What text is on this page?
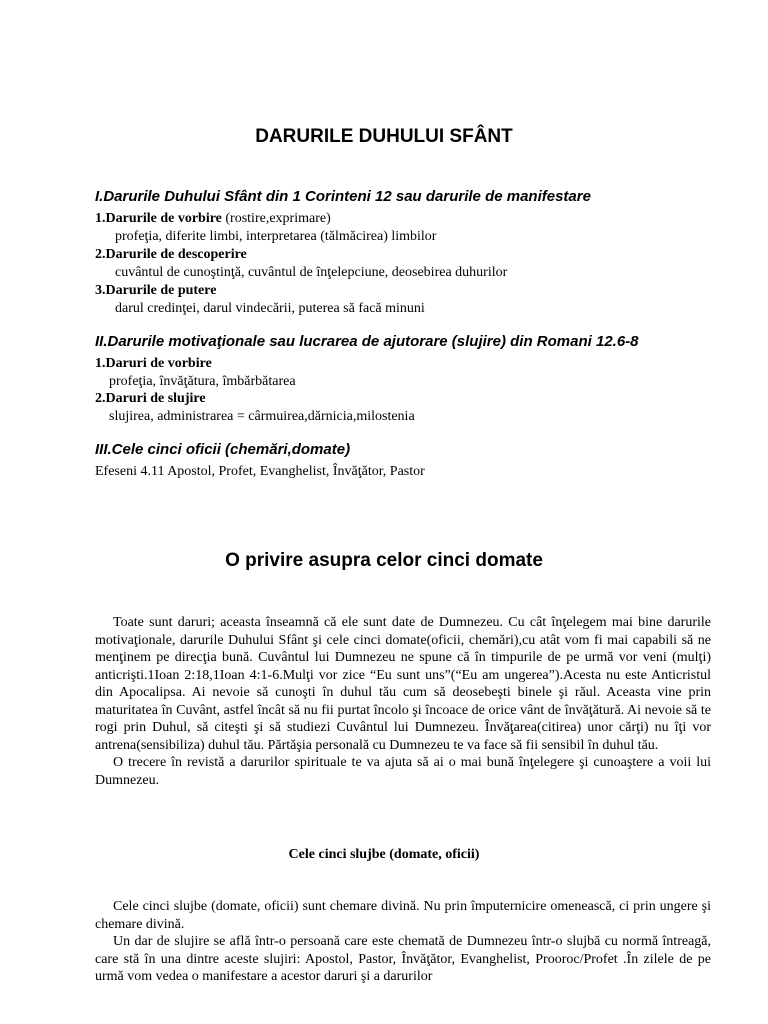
DARURILE DUHULUI SFÂNT
I.Darurile Duhului Sfânt din 1 Corinteni 12 sau darurile de manifestare
1.Darurile de vorbire (rostire,exprimare)
profeţia, diferite limbi, interpretarea (tălmăcirea) limbilor
2.Darurile de descoperire
cuvântul de cunoştinţă, cuvântul de înţelepciune, deosebirea duhurilor
3.Darurile de putere
darul credinţei, darul vindecării, puterea să facă minuni
II.Darurile motivaţionale sau lucrarea de ajutorare (slujire) din Romani 12.6-8
1.Daruri de vorbire
profeţia, învăţătura, îmbărbătarea
2.Daruri de slujire
slujirea, administrarea = cârmuirea,dărnicia,milostenia
III.Cele cinci oficii (chemări,domate)
Efeseni 4.11 Apostol, Profet, Evanghelist, Învăţător, Pastor
O privire asupra celor cinci domate

Toate sunt daruri; aceasta înseamnă că ele sunt date de Dumnezeu. Cu cât înţelegem mai bine darurile motivaţionale, darurile Duhului Sfânt şi cele cinci domate(oficii, chemări),cu atât vom fi mai capabili să ne menţinem pe direcţia bună. Cuvântul lui Dumnezeu ne spune că în timpurile de pe urmă vor veni (mulţi) anticrişti.1Ioan 2:18,1Ioan 4:1-6.Mulţi vor zice “Eu sunt uns”(“Eu am ungerea”).Acesta nu este Anticristul din Apocalipsa. Ai nevoie să cunoşti în duhul tău cum să deosebeşti binele şi răul. Aceasta vine prin maturitatea în Cuvânt, astfel încât să nu fii purtat încolo şi încoace de orice vânt de învăţătură. Ai nevoie să te rogi prin Duhul, să citeşti şi să studiezi Cuvântul lui Dumnezeu. Învăţarea(citirea) unor cărţi) nu îţi vor antrena(sensibiliza) duhul tău. Părtăşia personală cu Dumnezeu te va face să fii sensibil în duhul tău.

O trecere în revistă a darurilor spirituale te va ajuta să ai o mai bună înţelegere şi cunoaştere a voii lui Dumnezeu.

Cele cinci slujbe (domate, oficii)

Cele cinci slujbe (domate, oficii) sunt chemare divină. Nu prin împuternicire omenească, ci prin ungere şi chemare divină.

Un dar de slujire se află într-o persoană care este chemată de Dumnezeu într-o slujbă cu normă întreagă, care stă în una dintre aceste slujiri: Apostol, Pastor, Învăţător, Evanghelist, Prooroc/Profet .În zilele de pe urmă vom vedea o manifestare a acestor daruri şi a darurilor
